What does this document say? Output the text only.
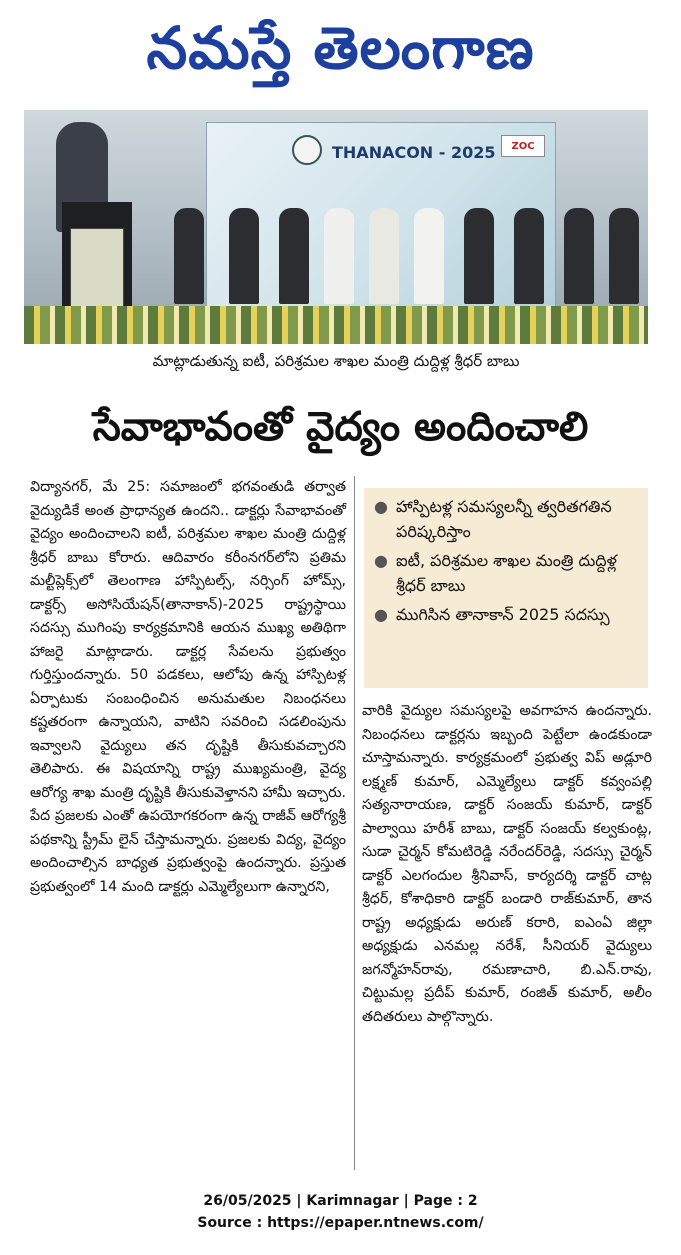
నమస్తే తెలంగాణ
THANACON - 2025	ZOC
మాట్లాడుతున్న ఐటీ, పరిశ్రమల శాఖల మంత్రి దుద్దిళ్ల శ్రీధర్ బాబు
సేవాభావంతో వైద్యం అందించాలి
విద్యానగర్, మే 25: సమాజంలో భగవంతుడి తర్వాత వైద్యుడికే అంత ప్రాధాన్యత ఉందని.. డాక్టర్లు సేవాభావంతో వైద్యం అందించాలని ఐటీ, పరిశ్రమల శాఖల మంత్రి దుద్దిళ్ల శ్రీధర్ బాబు కోరారు. ఆదివారం కరీంనగర్‌లోని ప్రతిమ మల్టీప్లెక్స్‌లో తెలంగాణ హాస్పిటల్స్, నర్సింగ్ హోమ్స్, డాక్టర్స్ అసోసియేషన్(తానాకాన్)-2025 రాష్ట్రస్థాయి సదస్సు ముగింపు కార్యక్రమానికి ఆయన ముఖ్య అతిథిగా హాజరై మాట్లాడారు. డాక్టర్ల సేవలను ప్రభుత్వం గుర్తిస్తుందన్నారు. 50 పడకలు, ఆలోపు ఉన్న హాస్పిటళ్ల ఏర్పాటుకు సంబంధించిన అనుమతుల నిబంధనలు కష్టతరంగా ఉన్నాయని, వాటిని సవరించి సడలింపును ఇవ్వాలని వైద్యులు తన దృష్టికి తీసుకువచ్చారని తెలిపారు. ఈ విషయాన్ని రాష్ట్ర ముఖ్యమంత్రి, వైద్య ఆరోగ్య శాఖ మంత్రి దృష్టికి తీసుకువెళ్తానని హామీ ఇచ్చారు. పేద ప్రజలకు ఎంతో ఉపయోగకరంగా ఉన్న రాజీవ్ ఆరోగ్యశ్రీ పథకాన్ని స్ట్రీమ్ లైన్ చేస్తామన్నారు. ప్రజలకు విద్య, వైద్యం అందించాల్సిన బాధ్యత ప్రభుత్వంపై ఉందన్నారు. ప్రస్తుత ప్రభుత్వంలో 14 మంది డాక్టర్లు ఎమ్మెల్యేలుగా ఉన్నారని,
● హాస్పిటళ్ల సమస్యలన్నీ త్వరితగతిన పరిష్కరిస్తాం
● ఐటీ, పరిశ్రమల శాఖల మంత్రి దుద్దిళ్ల శ్రీధర్ బాబు
● ముగిసిన తానాకాన్ 2025 సదస్సు
వారికి వైద్యుల సమస్యలపై అవగాహన ఉందన్నారు. నిబంధనలు డాక్టర్లను ఇబ్బంది పెట్టేలా ఉండకుండా చూస్తామన్నారు. కార్యక్రమంలో ప్రభుత్వ విప్ అడ్లూరి లక్ష్మణ్ కుమార్, ఎమ్మెల్యేలు డాక్టర్ కవ్వంపల్లి సత్యనారాయణ, డాక్టర్ సంజయ్ కుమార్, డాక్టర్ పాల్వాయి హరీశ్ బాబు, డాక్టర్ సంజయ్ కల్వకుంట్ల, సుడా చైర్మన్ కోమటిరెడ్డి నరేందర్‌రెడ్డి, సదస్సు చైర్మన్ డాక్టర్ ఎలగందుల శ్రీనివాస్, కార్యదర్శి డాక్టర్ చాట్ల శ్రీధర్, కోశాధికారి డాక్టర్ బండారి రాజ్‌కుమార్, తాన రాష్ట్ర అధ్యక్షుడు అరుణ్ కరారి, ఐఎంఏ జిల్లా అధ్యక్షుడు ఎనమల్ల నరేశ్, సీనియర్ వైద్యులు జగన్మోహన్‌రావు, రమణాచారి, బి.ఎన్.రావు, చిట్టుమల్ల ప్రదీప్ కుమార్, రంజిత్ కుమార్, అలీం తదితరులు పాల్గొన్నారు.
26/05/2025 | Karimnagar | Page : 2
Source : https://epaper.ntnews.com/
